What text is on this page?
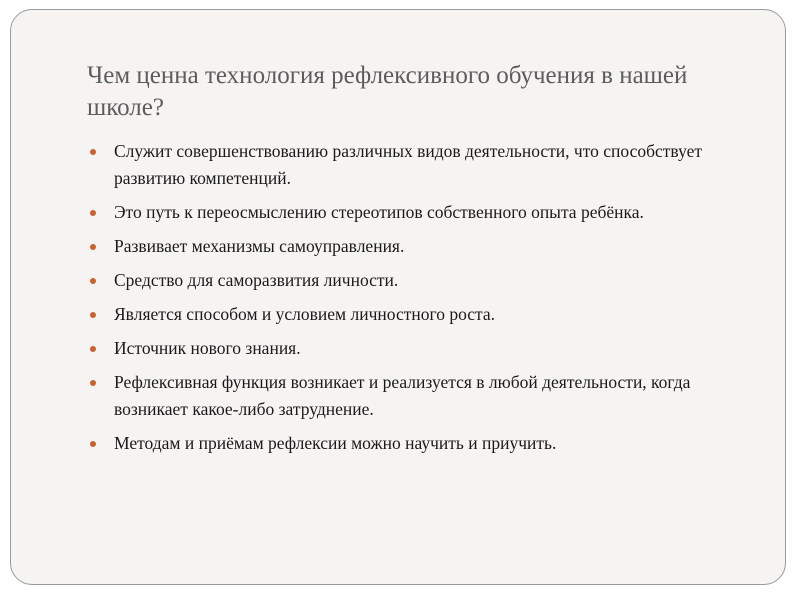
Чем ценна технология рефлексивного обучения в нашей школе?
Служит совершенствованию различных видов деятельности, что способствует развитию компетенций.
Это путь к переосмыслению стереотипов собственного опыта ребёнка.
Развивает механизмы самоуправления.
Средство для саморазвития личности.
Является способом и условием личностного роста.
Источник нового знания.
Рефлексивная функция возникает и реализуется в любой деятельности, когда возникает какое-либо затруднение.
Методам и приёмам рефлексии можно научить и приучить.
